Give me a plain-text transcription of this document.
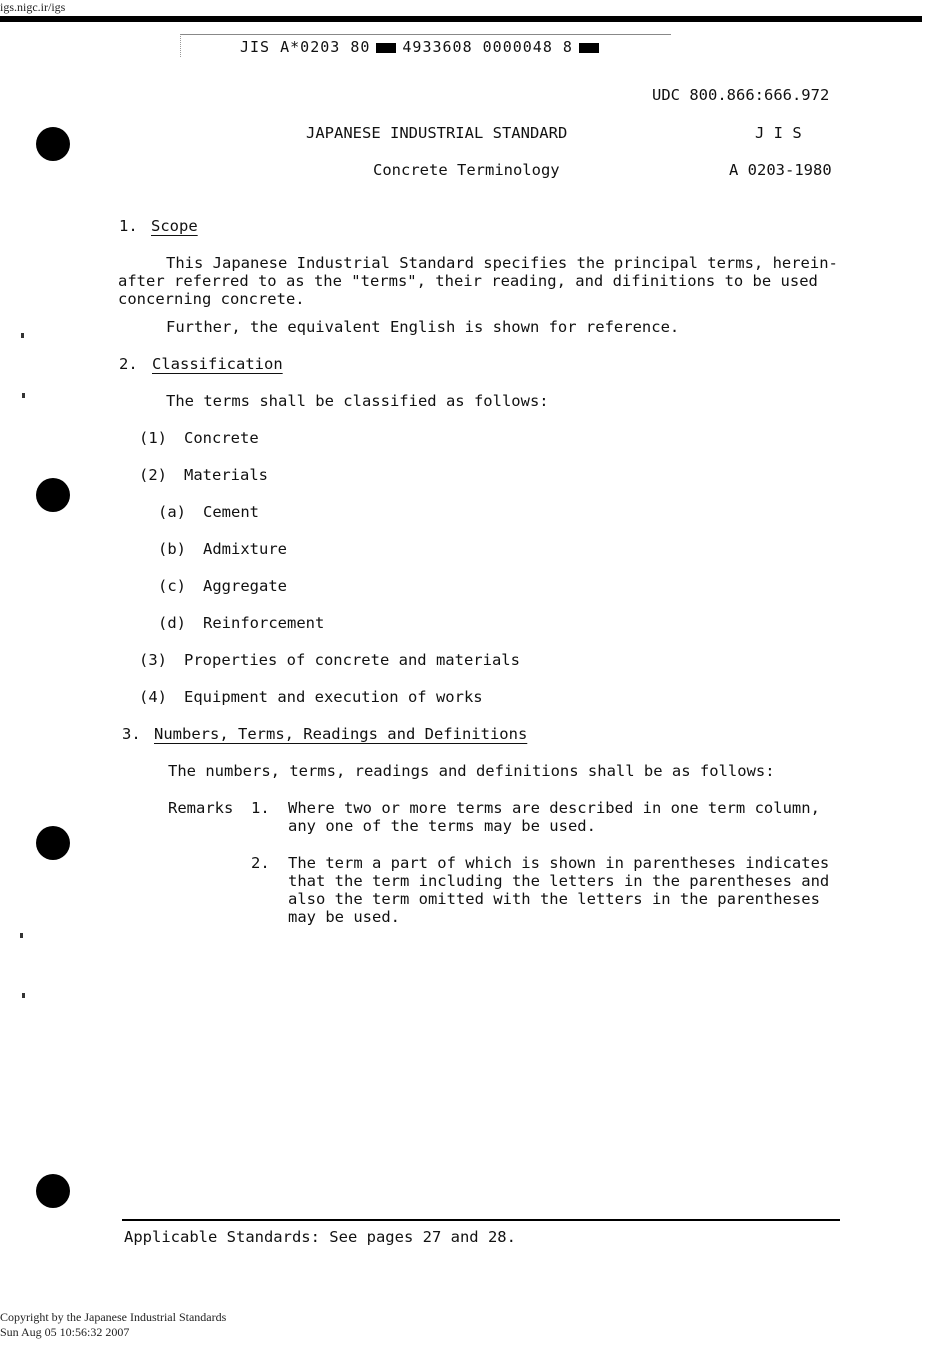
igs.nigc.ir/igs
JIS A*0203 80 4933608 0000048 8
UDC 800.866:666.972
JAPANESE INDUSTRIAL STANDARD	J I S
Concrete Terminology	A 0203-1980
1. Scope
This Japanese Industrial Standard specifies the principal terms, herein-
after referred to as the "terms", their reading, and difinitions to be used
concerning concrete.
Further, the equivalent English is shown for reference.
2. Classification
The terms shall be classified as follows:
(1) Concrete
(2) Materials
(a) Cement
(b) Admixture
(c) Aggregate
(d) Reinforcement
(3) Properties of concrete and materials
(4) Equipment and execution of works
3. Numbers, Terms, Readings and Definitions
The numbers, terms, readings and definitions shall be as follows:
Remarks 1. Where two or more terms are described in one term column,
any one of the terms may be used.
2. The term a part of which is shown in parentheses indicates
that the term including the letters in the parentheses and
also the term omitted with the letters in the parentheses
may be used.
Applicable Standards: See pages 27 and 28.
Copyright by the Japanese Industrial Standards
Sun Aug 05 10:56:32 2007
